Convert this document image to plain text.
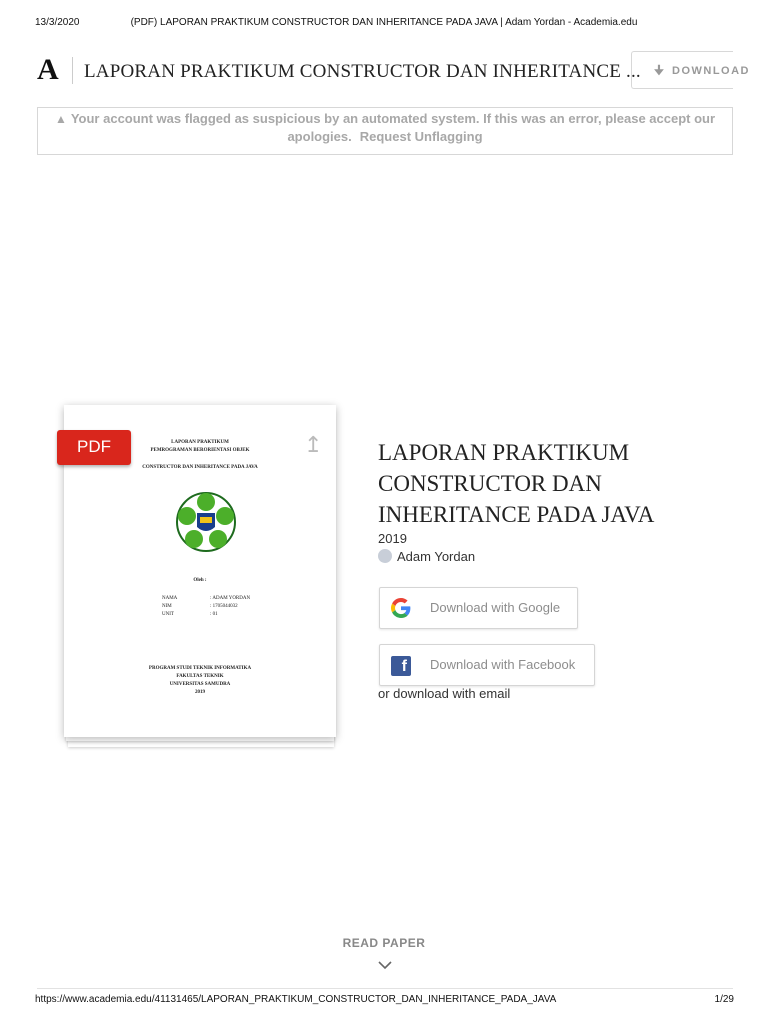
13/3/2020	(PDF) LAPORAN PRAKTIKUM CONSTRUCTOR DAN INHERITANCE PADA JAVA | Adam Yordan - Academia.edu
A LAPORAN PRAKTIKUM CONSTRUCTOR DAN INHERITANCE ...	🠋 DOWNLOAD
▲ Your account was flagged as suspicious by an automated system. If this was an error, please accept our apologies. Request Unflagging
PDF	↥
LAPORAN PRAKTIKUM
PEMROGRAMAN BERORIENTASI OBJEK
CONSTRUCTOR DAN INHERITANCE PADA JAVA
Oleh :
NAMA	: ADAM YORDAN
NIM	: 1705044032
UNIT	: 01
PROGRAM STUDI TEKNIK INFORMATIKA
FAKULTAS TEKNIK
UNIVERSITAS SAMUDRA
2019
LAPORAN PRAKTIKUM CONSTRUCTOR DAN INHERITANCE PADA JAVA
2019
Adam Yordan
Download with Google
f	Download with Facebook
or download with email
READ PAPER
https://www.academia.edu/41131465/LAPORAN_PRAKTIKUM_CONSTRUCTOR_DAN_INHERITANCE_PADA_JAVA	1/29
